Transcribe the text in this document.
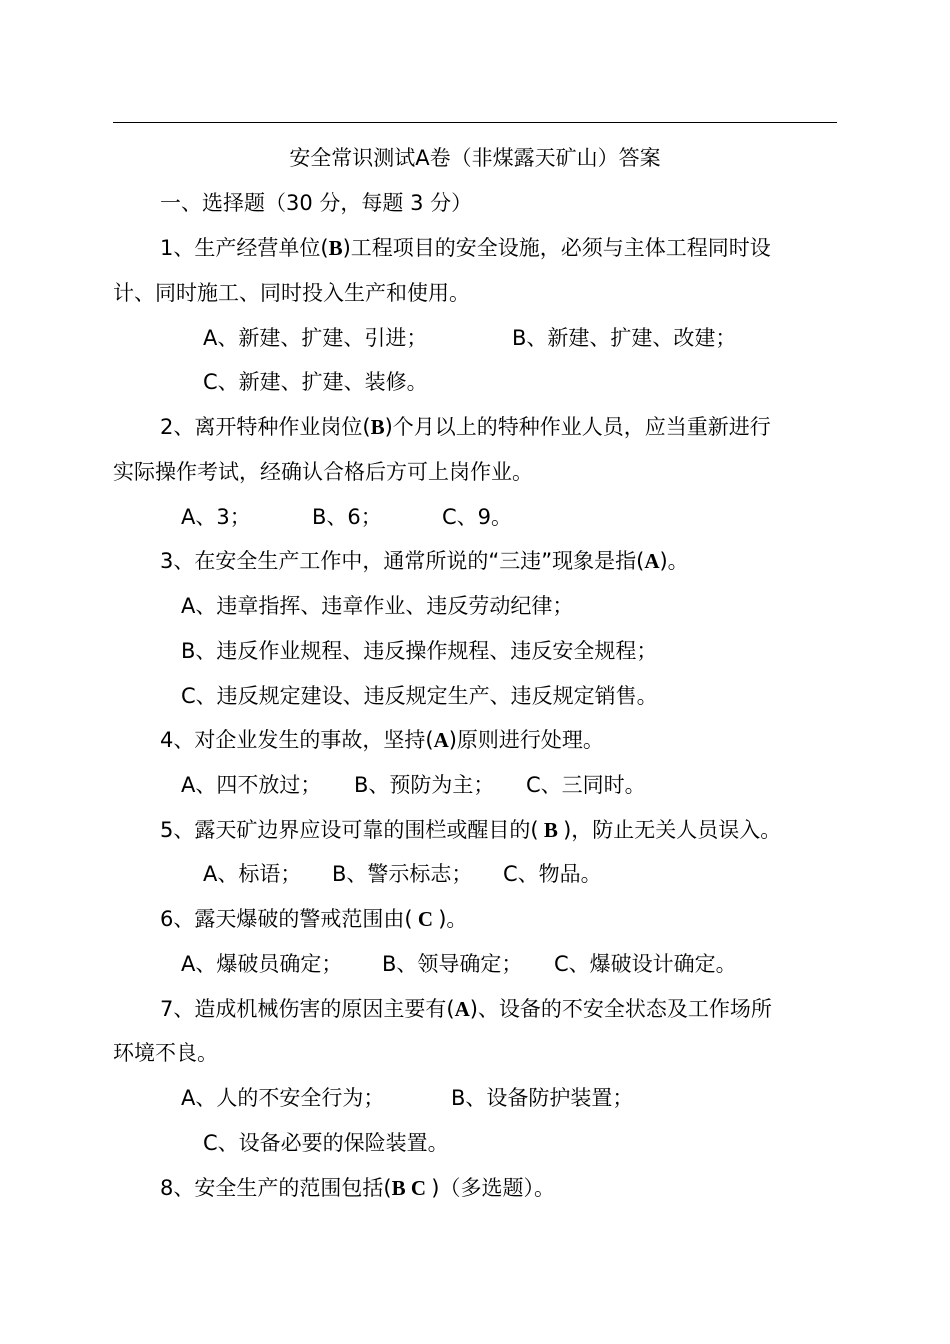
安全常识测试A卷（非煤露天矿山）答案
一、选择题（30 分，每题 3 分）
1、生产经营单位(B)工程项目的安全设施，必须与主体工程同时设
计、同时施工、同时投入生产和使用。
A、新建、扩建、引进；	B、新建、扩建、改建；
C、新建、扩建、装修。
2、离开特种作业岗位(B)个月以上的特种作业人员，应当重新进行
实际操作考试，经确认合格后方可上岗作业。
A、3；	B、6；	C、9。
3、在安全生产工作中，通常所说的“三违”现象是指(A)。
A、违章指挥、违章作业、违反劳动纪律；
B、违反作业规程、违反操作规程、违反安全规程；
C、违反规定建设、违反规定生产、违反规定销售。
4、对企业发生的事故，坚持(A)原则进行处理。
A、四不放过； B、预防为主； C、三同时。
5、露天矿边界应设可靠的围栏或醒目的( B )，防止无关人员误入。
A、标语； B、警示标志； C、物品。
6、露天爆破的警戒范围由( C )。
A、爆破员确定； B、领导确定； C、爆破设计确定。
7、造成机械伤害的原因主要有(A)、设备的不安全状态及工作场所
环境不良。
A、人的不安全行为；	B、设备防护装置；
C、设备必要的保险装置。
8、安全生产的范围包括(B C )（多选题）。
